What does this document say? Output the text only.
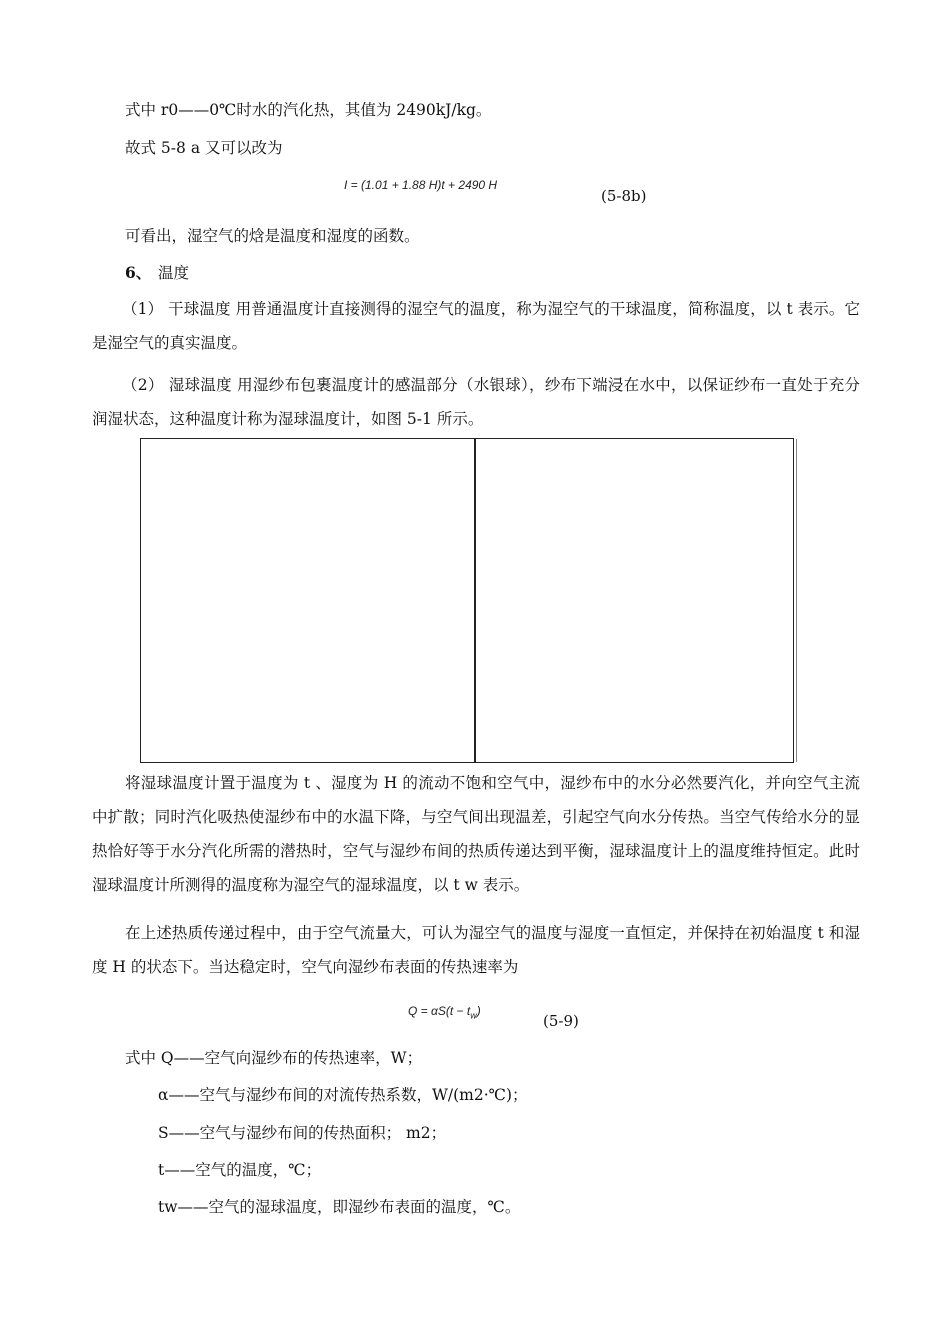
式中 r0——0℃时水的汽化热，其值为 2490kJ/kg。
故式 5-8 a 又可以改为
I = (1.01 + 1.88 H)t + 2490 H
(5-8b)
可看出，湿空气的焓是温度和湿度的函数。
6、 温度
（1） 干球温度 用普通温度计直接测得的湿空气的温度，称为湿空气的干球温度，简称温度，以 t 表示。它是湿空气的真实温度。
（2） 湿球温度 用湿纱布包裹温度计的感温部分（水银球），纱布下端浸在水中，以保证纱布一直处于充分润湿状态，这种温度计称为湿球温度计，如图 5-1 所示。
将湿球温度计置于温度为 t 、湿度为 H 的流动不饱和空气中，湿纱布中的水分必然要汽化，并向空气主流中扩散；同时汽化吸热使湿纱布中的水温下降，与空气间出现温差，引起空气向水分传热。当空气传给水分的显热恰好等于水分汽化所需的潜热时，空气与湿纱布间的热质传递达到平衡，湿球温度计上的温度维持恒定。此时湿球温度计所测得的温度称为湿空气的湿球温度，以 t w 表示。
在上述热质传递过程中，由于空气流量大，可认为湿空气的温度与湿度一直恒定，并保持在初始温度 t 和湿度 H 的状态下。当达稳定时，空气向湿纱布表面的传热速率为
$Q = \alpha S(t - t_w)$
(5-9)
式中 Q——空气向湿纱布的传热速率，W；
α——空气与湿纱布间的对流传热系数，W/(m2·℃)；
S——空气与湿纱布间的传热面积； m2；
t——空气的温度，℃；
tw——空气的湿球温度，即湿纱布表面的温度，℃。
